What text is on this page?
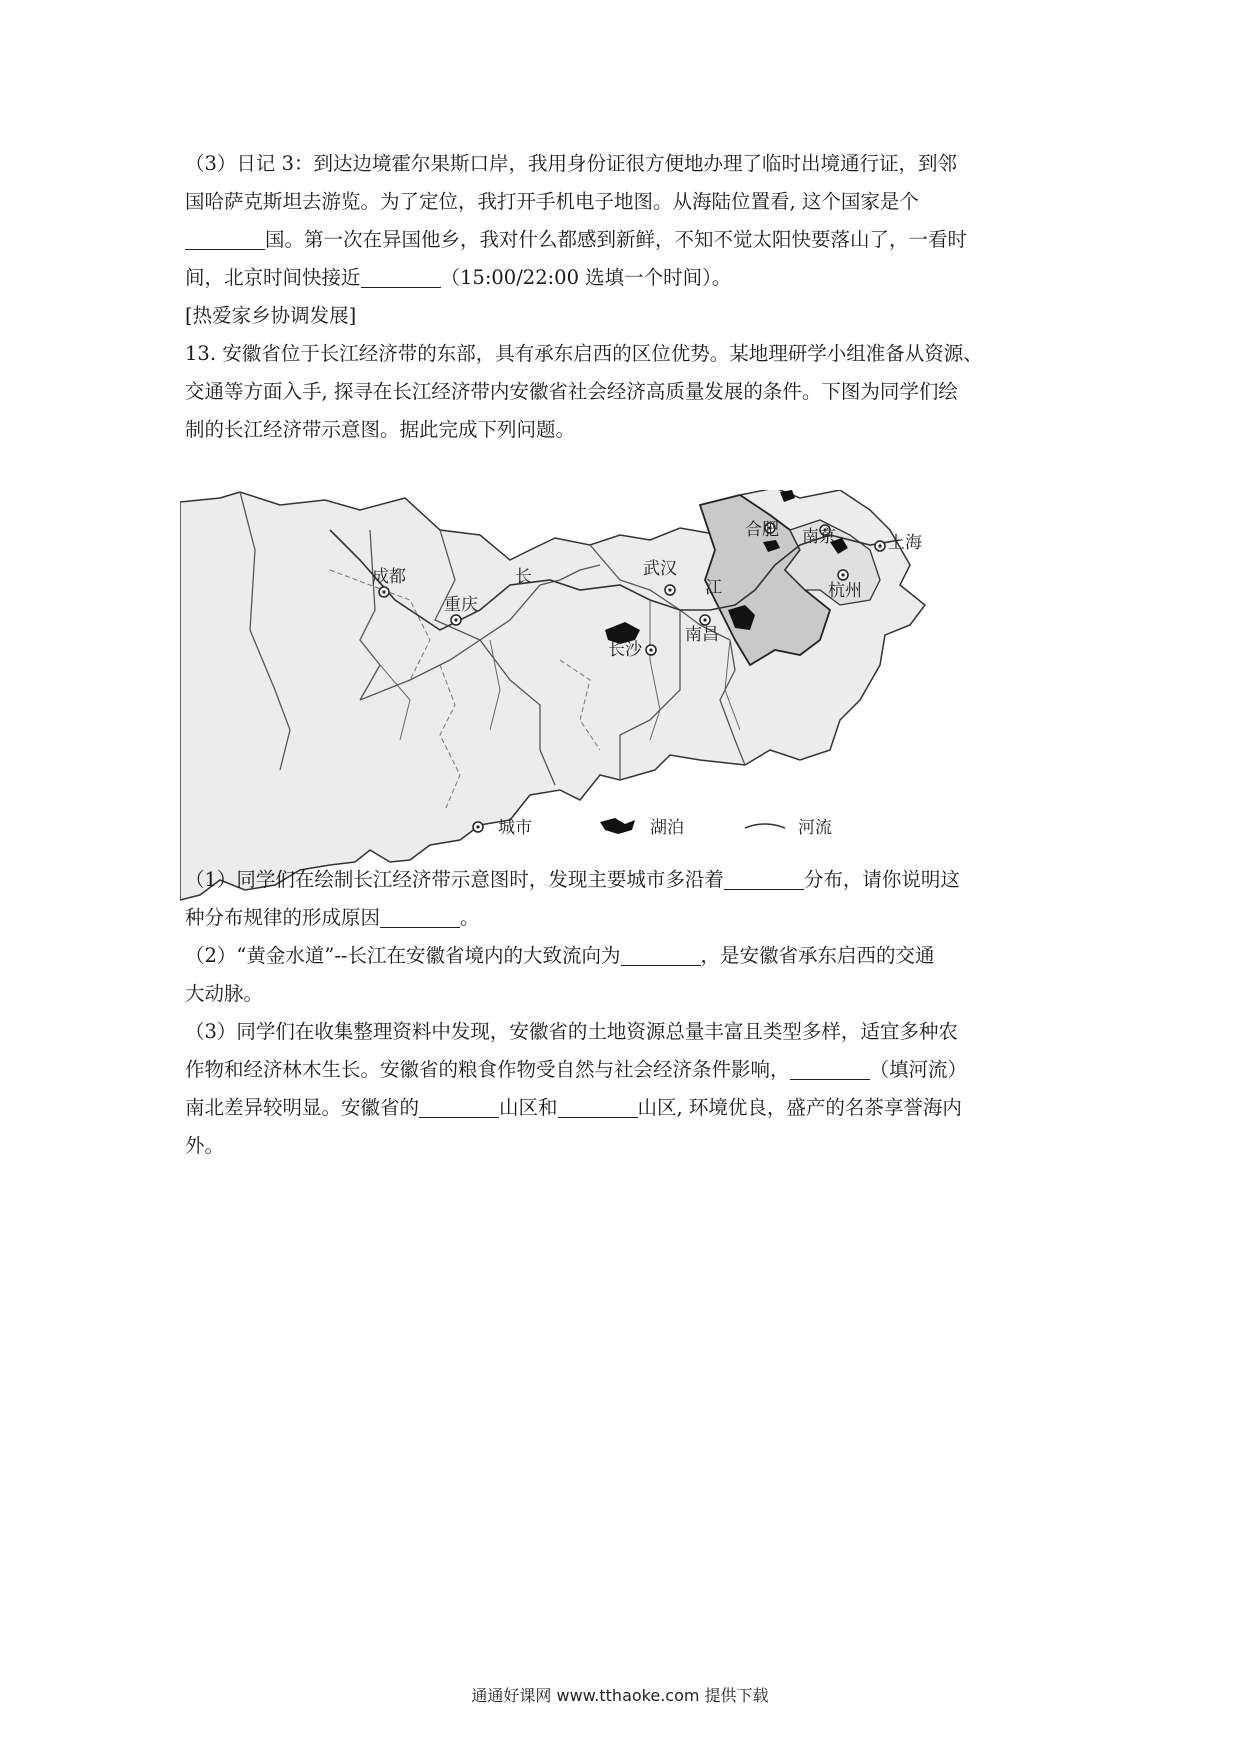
（3）日记 3：到达边境霍尔果斯口岸，我用身份证很方便地办理了临时出境通行证，到邻
国哈萨克斯坦去游览。为了定位，我打开手机电子地图。从海陆位置看, 这个国家是个
国。第一次在异国他乡，我对什么都感到新鲜，不知不觉太阳快要落山了，一看时
间，北京时间快接近	（15:00/22:00 选填一个时间）。
[热爱家乡协调发展]
13. 安徽省位于长江经济带的东部，具有承东启西的区位优势。某地理研学小组准备从资源、
交通等方面入手, 探寻在长江经济带内安徽省社会经济高质量发展的条件。下图为同学们绘
制的长江经济带示意图。据此完成下列问题。
成都
重庆
武汉
长沙
南昌
合肥 南京	上海
杭州
长
江
城市	湖泊	河流
（1）同学们在绘制长江经济带示意图时，发现主要城市多沿着	分布，请你说明这
种分布规律的形成原因	。
（2）“黄金水道”--长江在安徽省境内的大致流向为	，是安徽省承东启西的交通
大动脉。
（3）同学们在收集整理资料中发现，安徽省的土地资源总量丰富且类型多样，适宜多种农
作物和经济林木生长。安徽省的粮食作物受自然与社会经济条件影响，	（填河流）
南北差异较明显。安徽省的	山区和	山区, 环境优良，盛产的名茶享誉海内
外。
通通好课网 www.tthaoke.com 提供下载
